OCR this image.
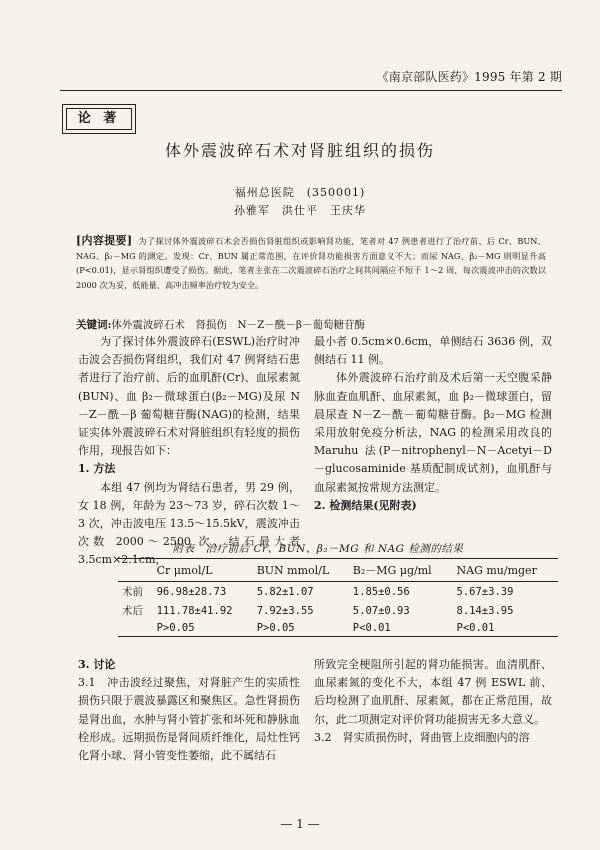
《南京部队医药》1995 年第 2 期
论 著
体外震波碎石术对肾脏组织的损伤
福州总医院　(350001)
孙雅军　洪仕平　王庆华
[内容提要] 为了探讨体外震波碎石术会否损伤肾脏组织或影响肾功能，笔者对 47 例患者进行了治疗前、后 Cr、BUN、NAG、β₂－MG 的测定。发现：Cr、BUN 属正常范围，在评价肾功能损害方面意义不大；而尿 NAG、β₂－MG 则明显升高(P<0.01)，显示肾组织遭受了损伤。据此，笔者主张在二次震波碎石治疗之间其间隔应不短于 1～2 周，每次震波冲击的次数以 2000 次为妥，低能量、高冲击频率治疗较为安全。
关键词:体外震波碎石术　肾损伤　N－Z－酰－β－葡萄糖苷酶

为了探讨体外震波碎石(ESWL)治疗时冲击波会否损伤肾组织，我们对 47 例肾结石患者进行了治疗前、后的血肌酐(Cr)、血尿素氮(BUN)、血 β₂－微球蛋白(β₂－MG)及尿 N－Z－酰－β 葡萄糖苷酶(NAG)的检测，结果证实体外震波碎石术对肾脏组织有轻度的损伤作用，现报告如下：

1. 方法

本组 47 例均为肾结石患者，男 29 例，女 18 例，年龄为 23～73 岁，碎石次数 1～3 次，冲击波电压 13.5～15.5kV，震波冲击次数 2000～2500 次，结石最大者 3.5cm×2.1cm，

最小者 0.5cm×0.6cm，单侧结石 3636 例，双侧结石 11 例。

体外震波碎石治疗前及术后第一天空腹采静脉血查血肌酐、血尿素氮，血 β₂－微球蛋白，留晨尿查 N－Z－酰－葡萄糖苷酶。β₂－MG 检测采用放射免疫分析法，NAG 的检测采用改良的 Maruhu 法(P－nitrophenyl－N－Acetyi－D－glucosaminide 基质配制成试剂)，血肌酐与血尿素氮按常规方法测定。

2. 检测结果(见附表)

附表　治疗前后 Cr、BUN、β₂－MG 和 NAG 检测的结果
	Cr μmol/L	BUN mmol/L	B₂－MG μg/ml	NAG mu/mger
术前	96.98±28.73	5.82±1.07	1.85±0.56	5.67±3.39
术后	111.78±41.92	7.92±3.55	5.07±0.93	8.14±3.95
	P>0.05	P>0.05	P<0.01	P<0.01

3. 讨论

3.1　冲击波经过聚焦，对肾脏产生的实质性损伤只限于震波暴露区和聚焦区。急性肾损伤是肾出血，水肿与肾小管扩张和坏死和静脉血栓形成。远期损伤是肾间质纤维化，局灶性钙化肾小球、肾小管变性萎缩，此不属结石

所致完全梗阻所引起的肾功能损害。血清肌酐、血尿素氮的变化不大，本组 47 例 ESWL 前、后均检测了血肌酐、尿素氮，都在正常范围，故尔，此二项测定对评价肾功能损害无多大意义。

3.2　肾实质损伤时，肾曲管上皮细胞内的溶

— 1 —
